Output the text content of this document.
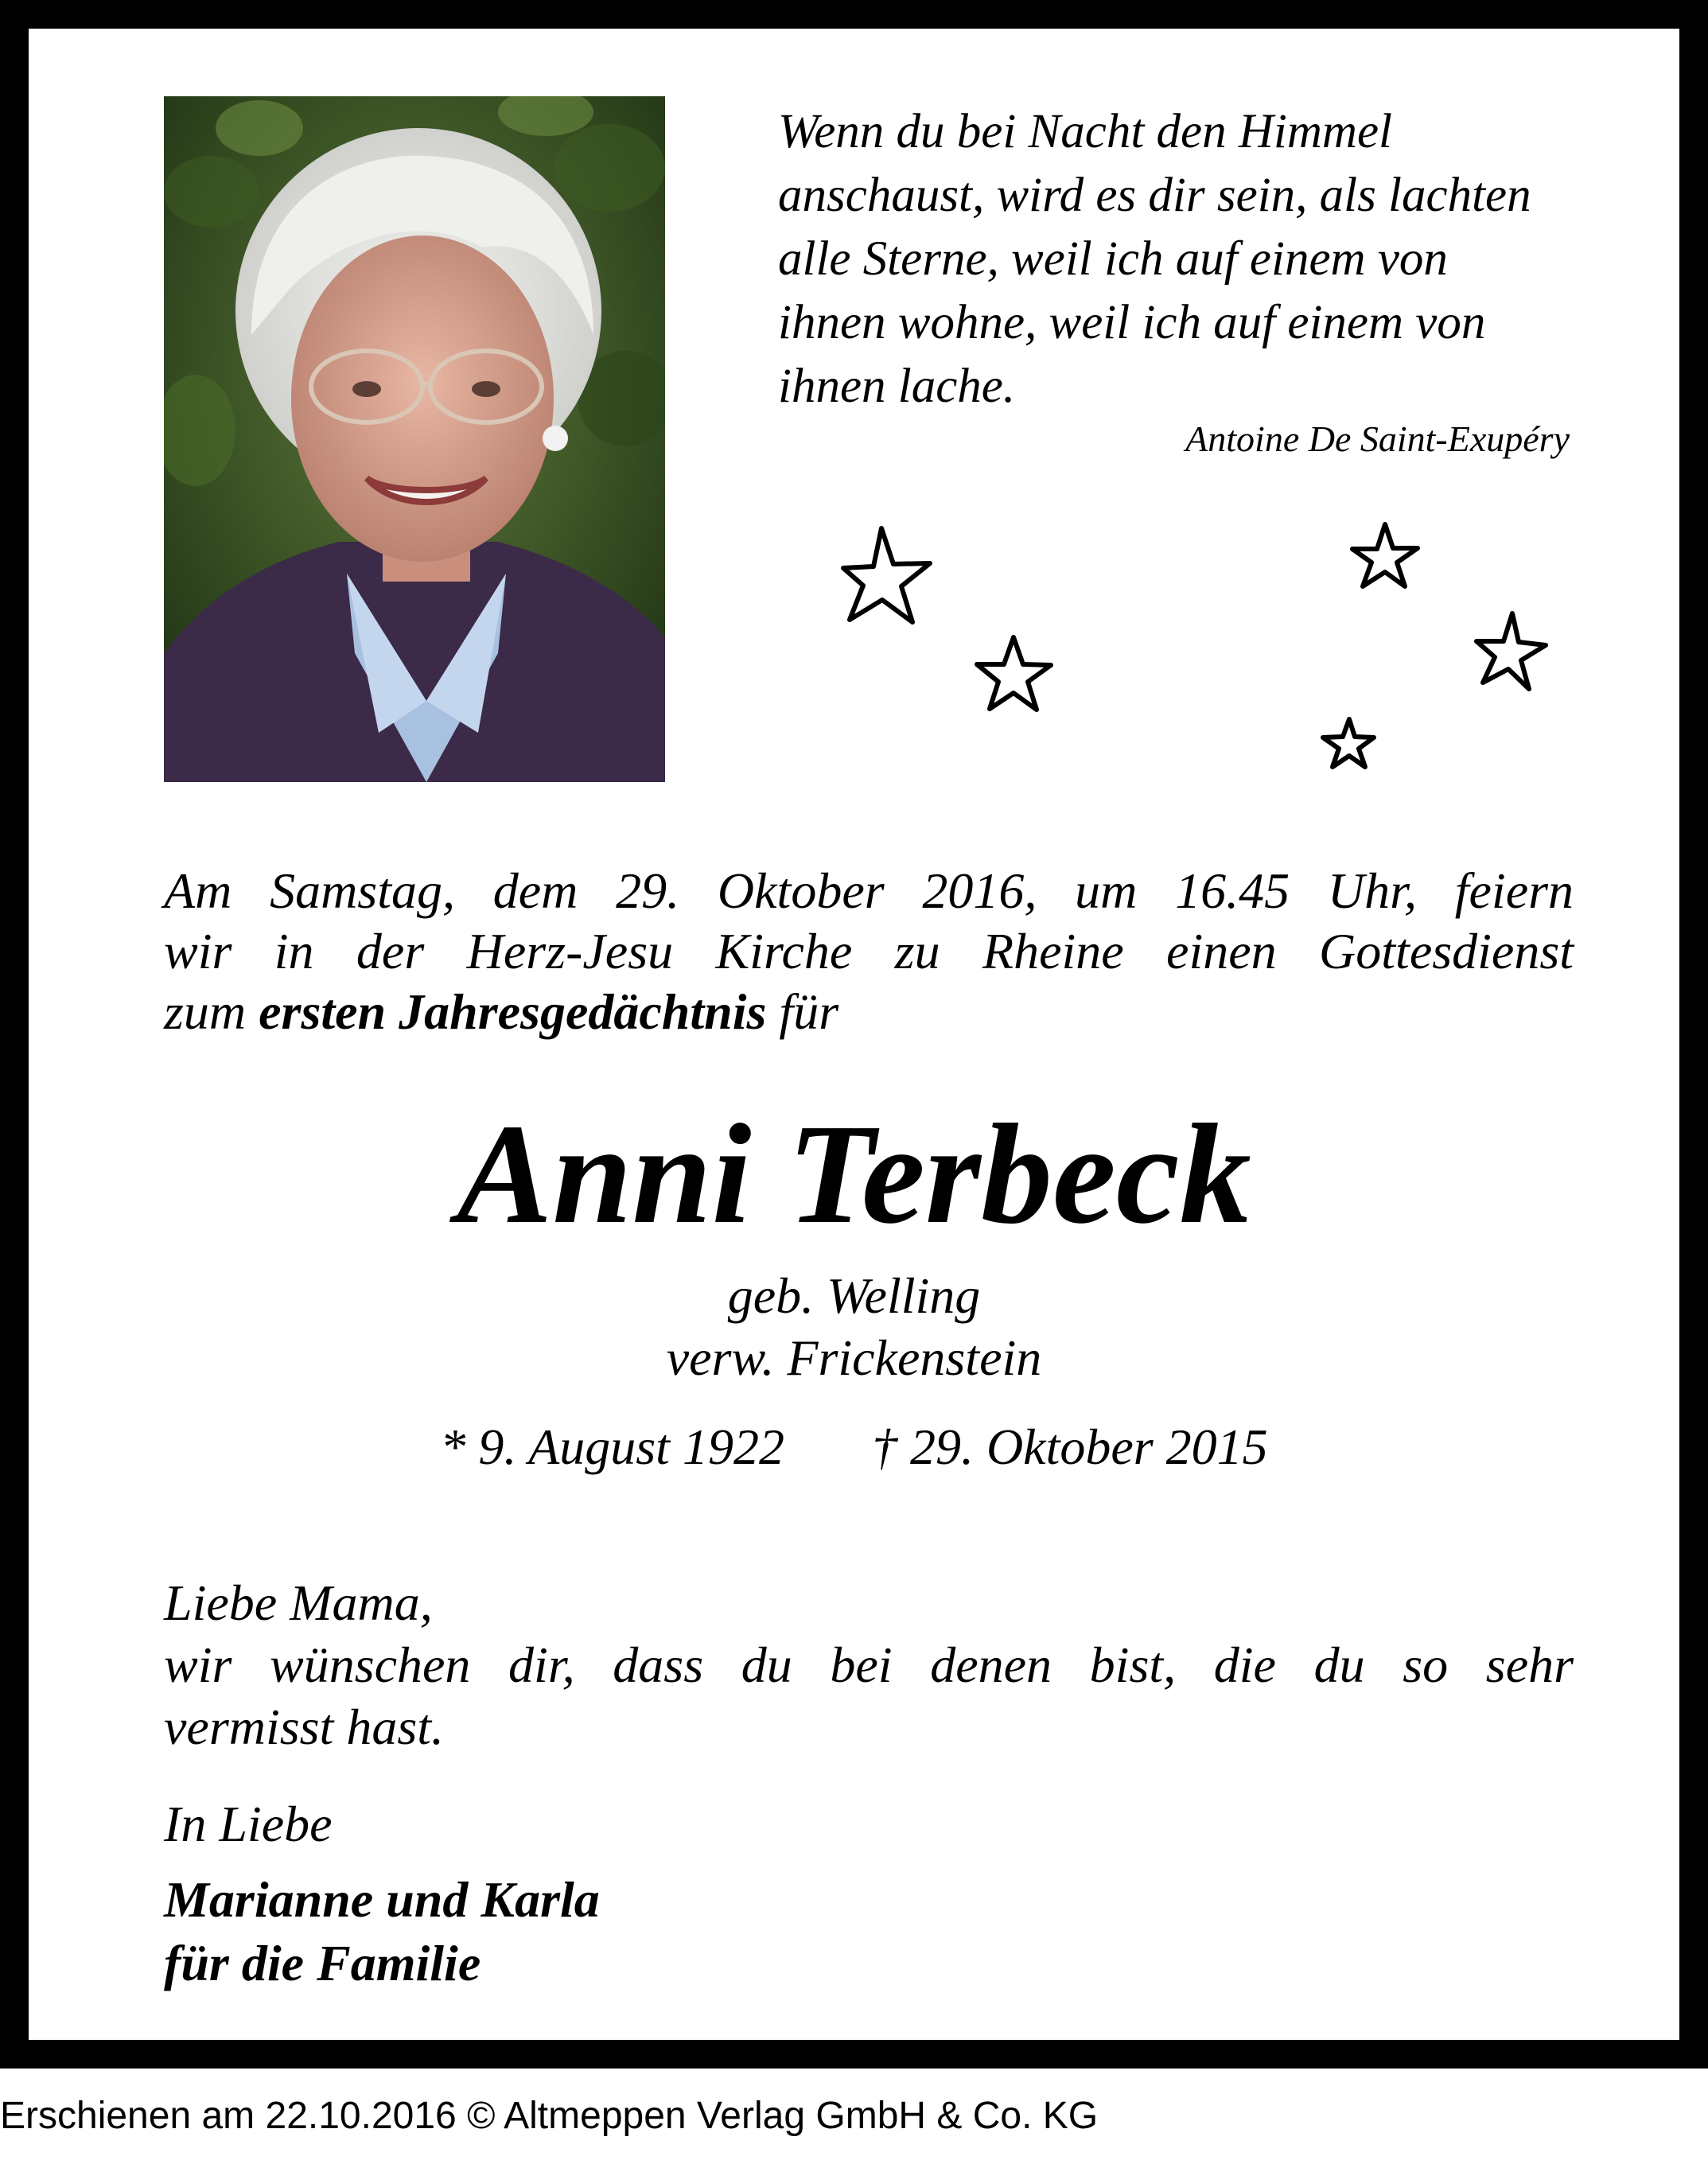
Wenn du bei Nacht den Himmel
anschaust, wird es dir sein, als lachten
alle Sterne, weil ich auf einem von
ihnen wohne, weil ich auf einem von
ihnen lache.
Antoine De Saint-Exupéry
Am Samstag, dem 29. Oktober 2016, um 16.45 Uhr, feiern
wir in der Herz-Jesu Kirche zu Rheine einen Gottesdienst
zum ersten Jahresgedächtnis für
Anni Terbeck
geb. Welling
verw. Frickenstein
* 9. August 1922 † 29. Oktober 2015
Liebe Mama,
wir wünschen dir, dass du bei denen bist, die du so sehr
vermisst hast.
In Liebe
Marianne und Karla
für die Familie
Erschienen am 22.10.2016 © Altmeppen Verlag GmbH & Co. KG
